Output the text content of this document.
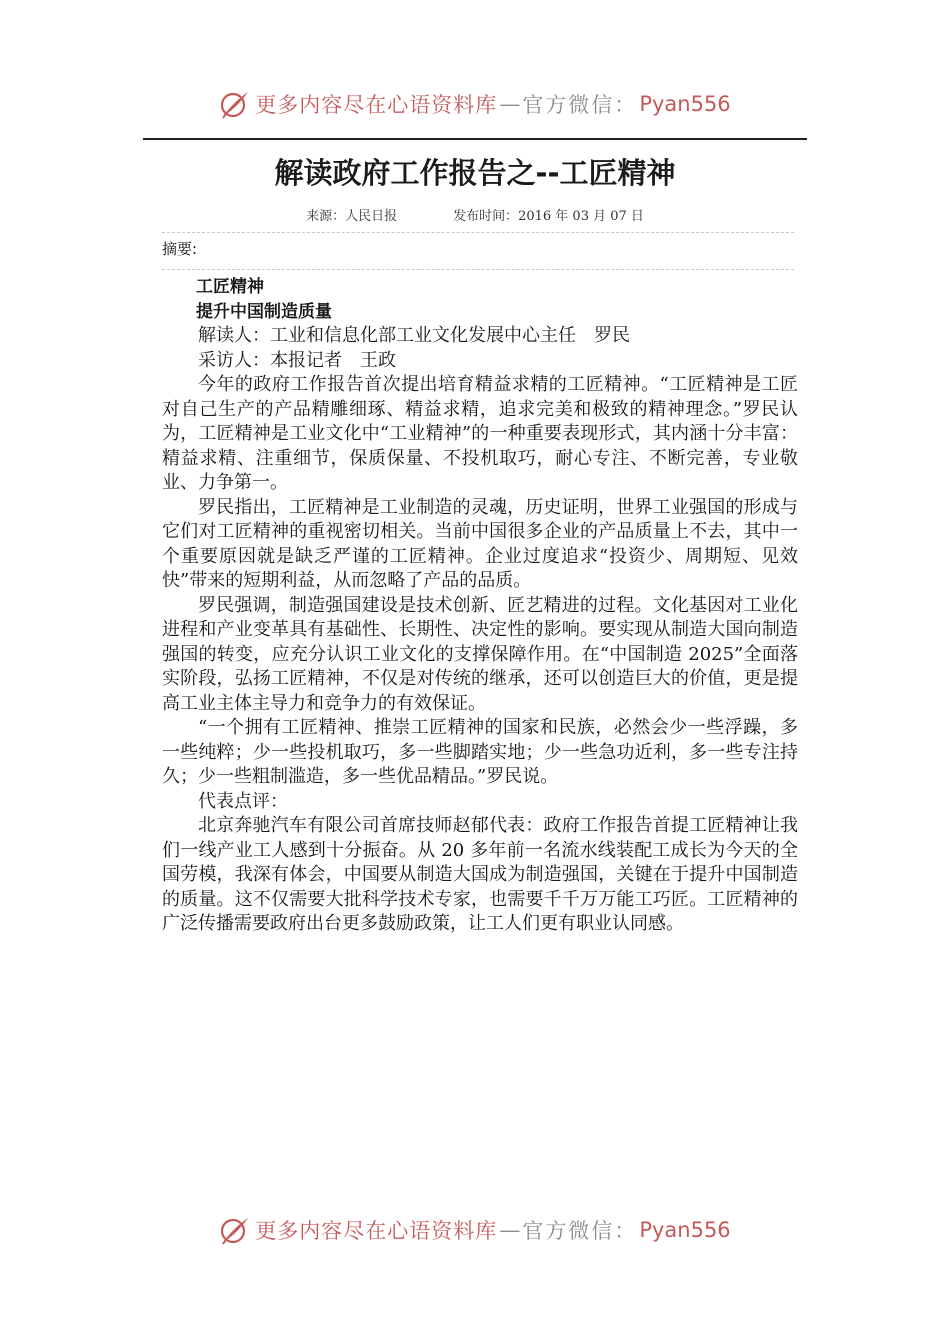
更多内容尽在心语资料库 — 官方微信： Pyan556
解读政府工作报告之--工匠精神
来源：人民日报	发布时间：2016 年 03 月 07 日
摘要:

工匠精神

提升中国制造质量

解读人：工业和信息化部工业文化发展中心主任　罗民

采访人：本报记者　王政

今年的政府工作报告首次提出培育精益求精的工匠精神。“工匠精神是工匠对自己生产的产品精雕细琢、精益求精，追求完美和极致的精神理念。”罗民认为，工匠精神是工业文化中“工业精神”的一种重要表现形式，其内涵十分丰富：精益求精、注重细节，保质保量、不投机取巧，耐心专注、不断完善，专业敬业、力争第一。

罗民指出，工匠精神是工业制造的灵魂，历史证明，世界工业强国的形成与它们对工匠精神的重视密切相关。当前中国很多企业的产品质量上不去，其中一个重要原因就是缺乏严谨的工匠精神。企业过度追求“投资少、周期短、见效快”带来的短期利益，从而忽略了产品的品质。

罗民强调，制造强国建设是技术创新、匠艺精进的过程。文化基因对工业化进程和产业变革具有基础性、长期性、决定性的影响。要实现从制造大国向制造强国的转变，应充分认识工业文化的支撑保障作用。在“中国制造 2025”全面落实阶段，弘扬工匠精神，不仅是对传统的继承，还可以创造巨大的价值，更是提高工业主体主导力和竞争力的有效保证。

“一个拥有工匠精神、推崇工匠精神的国家和民族，必然会少一些浮躁，多一些纯粹；少一些投机取巧，多一些脚踏实地；少一些急功近利，多一些专注持久；少一些粗制滥造，多一些优品精品。”罗民说。

代表点评：

北京奔驰汽车有限公司首席技师赵郁代表：政府工作报告首提工匠精神让我们一线产业工人感到十分振奋。从 20 多年前一名流水线装配工成长为今天的全国劳模，我深有体会，中国要从制造大国成为制造强国，关键在于提升中国制造的质量。这不仅需要大批科学技术专家，也需要千千万万能工巧匠。工匠精神的广泛传播需要政府出台更多鼓励政策，让工人们更有职业认同感。

更多内容尽在心语资料库 — 官方微信： Pyan556
